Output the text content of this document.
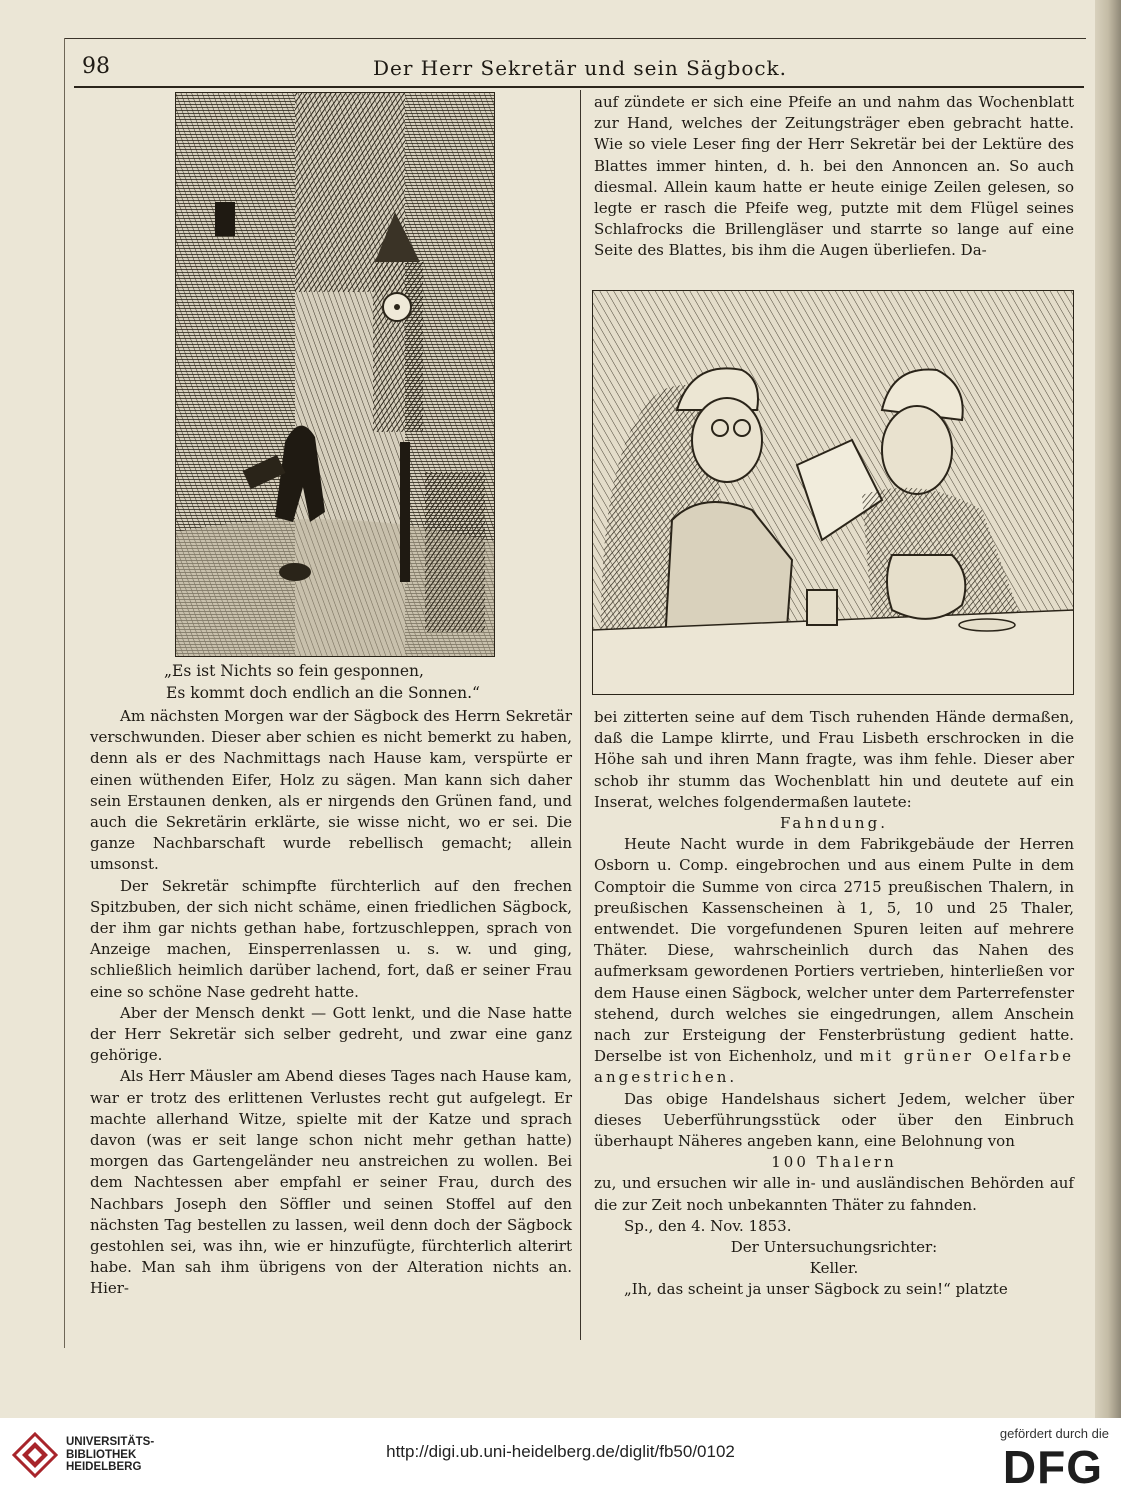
98	Der Herr Sekretär und sein Sägbock.
„Es ist Nichts so fein gesponnen,
Es kommt doch endlich an die Sonnen.“

Am nächsten Morgen war der Sägbock des Herrn Sekretär verschwunden. Dieser aber schien es nicht bemerkt zu haben, denn als er des Nachmittags nach Hause kam, verspürte er einen wüthenden Eifer, Holz zu sägen. Man kann sich daher sein Erstaunen denken, als er nirgends den Grünen fand, und auch die Sekretärin erklärte, sie wisse nicht, wo er sei. Die ganze Nachbarschaft wurde rebellisch gemacht; allein umsonst.

Der Sekretär schimpfte fürchterlich auf den frechen Spitzbuben, der sich nicht schäme, einen friedlichen Sägbock, der ihm gar nichts gethan habe, fortzuschleppen, sprach von Anzeige machen, Einsperrenlassen u. s. w. und ging, schließlich heimlich darüber lachend, fort, daß er seiner Frau eine so schöne Nase gedreht hatte.

Aber der Mensch denkt — Gott lenkt, und die Nase hatte der Herr Sekretär sich selber gedreht, und zwar eine ganz gehörige.

Als Herr Mäusler am Abend dieses Tages nach Hause kam, war er trotz des erlittenen Verlustes recht gut aufgelegt. Er machte allerhand Witze, spielte mit der Katze und sprach davon (was er seit lange schon nicht mehr gethan hatte) morgen das Gartengeländer neu anstreichen zu wollen. Bei dem Nachtessen aber empfahl er seiner Frau, durch des Nachbars Joseph den Söffler und seinen Stoffel auf den nächsten Tag bestellen zu lassen, weil denn doch der Sägbock gestohlen sei, was ihn, wie er hinzufügte, fürchterlich alterirt habe. Man sah ihm übrigens von der Alteration nichts an. Hier-

auf zündete er sich eine Pfeife an und nahm das Wochenblatt zur Hand, welches der Zeitungsträger eben gebracht hatte. Wie so viele Leser fing der Herr Sekretär bei der Lektüre des Blattes immer hinten, d. h. bei den Annoncen an. So auch diesmal. Allein kaum hatte er heute einige Zeilen gelesen, so legte er rasch die Pfeife weg, putzte mit dem Flügel seines Schlafrocks die Brillengläser und starrte so lange auf eine Seite des Blattes, bis ihm die Augen überliefen. Da-

bei zitterten seine auf dem Tisch ruhenden Hände dermaßen, daß die Lampe klirrte, und Frau Lisbeth erschrocken in die Höhe sah und ihren Mann fragte, was ihm fehle. Dieser aber schob ihr stumm das Wochenblatt hin und deutete auf ein Inserat, welches folgendermaßen lautete:

Fahndung.

Heute Nacht wurde in dem Fabrikgebäude der Herren Osborn u. Comp. eingebrochen und aus einem Pulte in dem Comptoir die Summe von circa 2715 preußischen Thalern, in preußischen Kassenscheinen à 1, 5, 10 und 25 Thaler, entwendet. Die vorgefundenen Spuren leiten auf mehrere Thäter. Diese, wahrscheinlich durch das Nahen des aufmerksam gewordenen Portiers vertrieben, hinterließen vor dem Hause einen Sägbock, welcher unter dem Parterrefenster stehend, durch welches sie eingedrungen, allem Anschein nach zur Ersteigung der Fensterbrüstung gedient hatte. Derselbe ist von Eichenholz, und mit grüner Oelfarbe angestrichen.

Das obige Handelshaus sichert Jedem, welcher über dieses Ueberführungsstück oder über den Einbruch überhaupt Näheres angeben kann, eine Belohnung von

100 Thalern

zu, und ersuchen wir alle in- und ausländischen Behörden auf die zur Zeit noch unbekannten Thäter zu fahnden.

Sp., den 4. Nov. 1853.

Der Untersuchungsrichter:

Keller.

„Ih, das scheint ja unser Sägbock zu sein!“ platzte

UNIVERSITÄTS-
BIBLIOTHEK
HEIDELBERG
http://digi.ub.uni-heidelberg.de/diglit/fb50/0102
gefördert durch die
DFG
